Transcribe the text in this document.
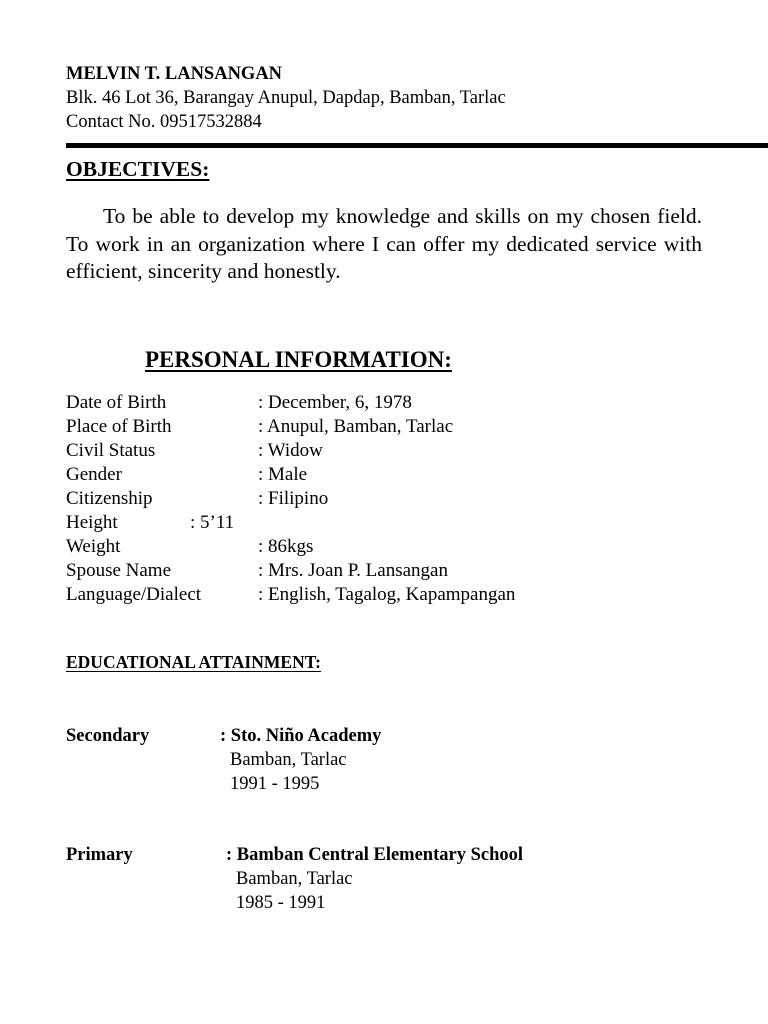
MELVIN T. LANSANGAN
Blk. 46 Lot 36, Barangay Anupul, Dapdap, Bamban, Tarlac
Contact No. 09517532884
OBJECTIVES:
To be able to develop my knowledge and skills on my chosen field. To work in an organization where I can offer my dedicated service with efficient, sincerity and honestly.
PERSONAL INFORMATION:
Date of Birth	: December, 6, 1978
Place of Birth	: Anupul, Bamban, Tarlac
Civil Status	: Widow
Gender	: Male
Citizenship	: Filipino
Height	: 5’11
Weight	: 86kgs
Spouse Name	: Mrs. Joan P. Lansangan
Language/Dialect	: English, Tagalog, Kapampangan
EDUCATIONAL ATTAINMENT:
Secondary	: Sto. Niño Academy
Bamban, Tarlac
1991 - 1995
Primary	: Bamban Central Elementary School
Bamban, Tarlac
1985 - 1991
